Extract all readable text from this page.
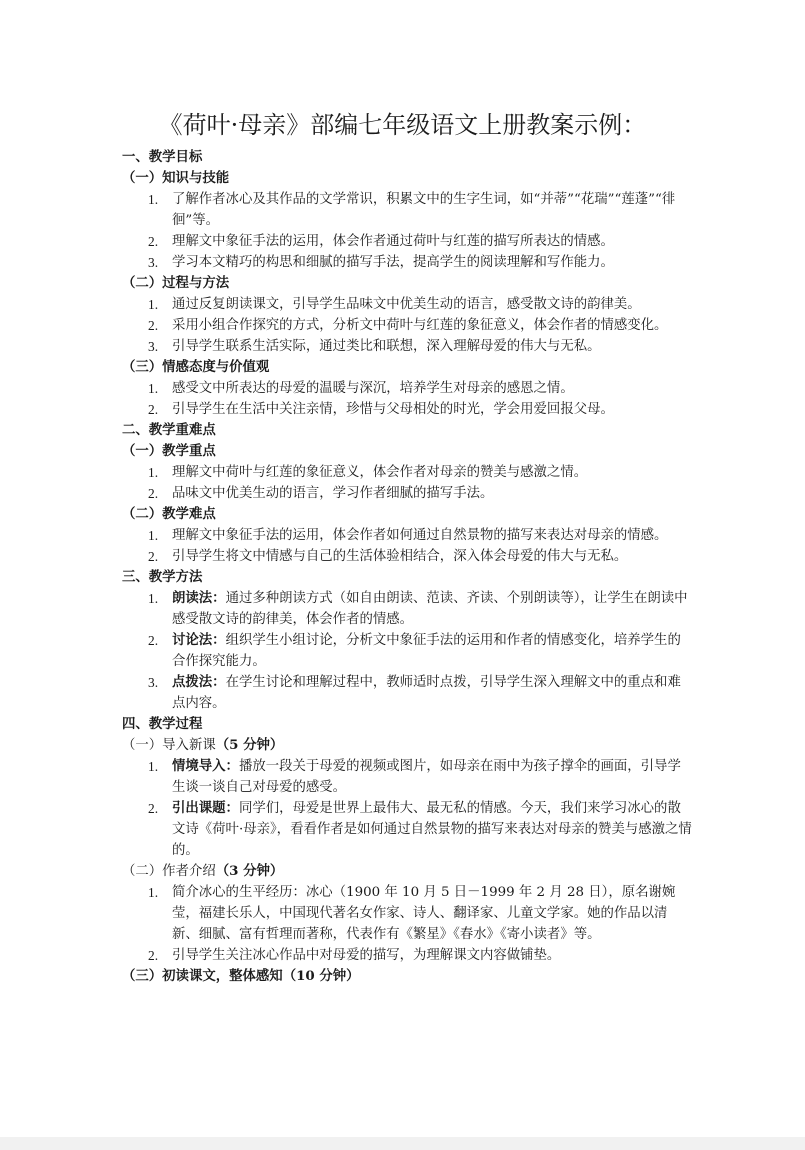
《荷叶·母亲》部编七年级语文上册教案示例：
一、教学目标
（一）知识与技能
1. 了解作者冰心及其作品的文学常识，积累文中的生字生词，如“并蒂”“花瑞”“莲蓬”“徘徊”等。
2. 理解文中象征手法的运用，体会作者通过荷叶与红莲的描写所表达的情感。
3. 学习本文精巧的构思和细腻的描写手法，提高学生的阅读理解和写作能力。
（二）过程与方法
1. 通过反复朗读课文，引导学生品味文中优美生动的语言，感受散文诗的韵律美。
2. 采用小组合作探究的方式，分析文中荷叶与红莲的象征意义，体会作者的情感变化。
3. 引导学生联系生活实际，通过类比和联想，深入理解母爱的伟大与无私。
（三）情感态度与价值观
1. 感受文中所表达的母爱的温暖与深沉，培养学生对母亲的感恩之情。
2. 引导学生在生活中关注亲情，珍惜与父母相处的时光，学会用爱回报父母。
二、教学重难点
（一）教学重点
1. 理解文中荷叶与红莲的象征意义，体会作者对母亲的赞美与感激之情。
2. 品味文中优美生动的语言，学习作者细腻的描写手法。
（二）教学难点
1. 理解文中象征手法的运用，体会作者如何通过自然景物的描写来表达对母亲的情感。
2. 引导学生将文中情感与自己的生活体验相结合，深入体会母爱的伟大与无私。
三、教学方法
1. 朗读法：通过多种朗读方式（如自由朗读、范读、齐读、个别朗读等），让学生在朗读中感受散文诗的韵律美，体会作者的情感。
2. 讨论法：组织学生小组讨论，分析文中象征手法的运用和作者的情感变化，培养学生的合作探究能力。
3. 点拨法：在学生讨论和理解过程中，教师适时点拨，引导学生深入理解文中的重点和难点内容。
四、教学过程
（一）导入新课（5 分钟）
1. 情境导入：播放一段关于母爱的视频或图片，如母亲在雨中为孩子撑伞的画面，引导学生谈一谈自己对母爱的感受。
2. 引出课题：同学们，母爱是世界上最伟大、最无私的情感。今天，我们来学习冰心的散文诗《荷叶·母亲》，看看作者是如何通过自然景物的描写来表达对母亲的赞美与感激之情的。
（二）作者介绍（3 分钟）
1. 简介冰心的生平经历：冰心（1900 年 10 月 5 日－1999 年 2 月 28 日），原名谢婉莹，福建长乐人，中国现代著名女作家、诗人、翻译家、儿童文学家。她的作品以清新、细腻、富有哲理而著称，代表作有《繁星》《春水》《寄小读者》等。
2. 引导学生关注冰心作品中对母爱的描写，为理解课文内容做铺垫。
（三）初读课文，整体感知（10 分钟）
